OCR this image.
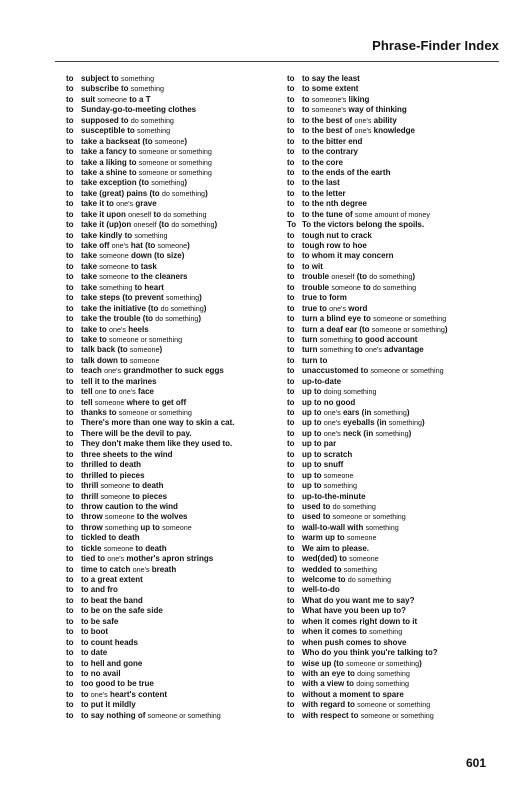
Phrase-Finder Index
to subject to something
to subscribe to something
to suit someone to a T
to Sunday-go-to-meeting clothes
to supposed to do something
to susceptible to something
to take a backseat (to someone)
to take a fancy to someone or something
to take a liking to someone or something
to take a shine to someone or something
to take exception (to something)
to take (great) pains (to do something)
to take it to one's grave
to take it upon oneself to do something
to take it (up)on oneself (to do something)
to take kindly to something
to take off one's hat (to someone)
to take someone down (to size)
to take someone to task
to take someone to the cleaners
to take something to heart
to take steps (to prevent something)
to take the initiative (to do something)
to take the trouble (to do something)
to take to one's heels
to take to someone or something
to talk back (to someone)
to talk down to someone
to teach one's grandmother to suck eggs
to tell it to the marines
to tell one to one's face
to tell someone where to get off
to thanks to someone or something
to There's more than one way to skin a cat.
to There will be the devil to pay.
to They don't make them like they used to.
to three sheets to the wind
to thrilled to death
to thrilled to pieces
to thrill someone to death
to thrill someone to pieces
to throw caution to the wind
to throw someone to the wolves
to throw something up to someone
to tickled to death
to tickle someone to death
to tied to one's mother's apron strings
to time to catch one's breath
to to a great extent
to to and fro
to to beat the band
to to be on the safe side
to to be safe
to to boot
to to count heads
to to date
to to hell and gone
to to no avail
to too good to be true
to to one's heart's content
to to put it mildly
to to say nothing of someone or something
to to say the least
to to some extent
to to someone's liking
to to someone's way of thinking
to to the best of one's ability
to to the best of one's knowledge
to to the bitter end
to to the contrary
to to the core
to to the ends of the earth
to to the last
to to the letter
to to the nth degree
to to the tune of some amount of money
To To the victors belong the spoils.
to tough nut to crack
to tough row to hoe
to to whom it may concern
to to wit
to trouble oneself (to do something)
to trouble someone to do something
to true to form
to true to one's word
to turn a blind eye to someone or something
to turn a deaf ear (to someone or something)
to turn something to good account
to turn something to one's advantage
to turn to
to unaccustomed to someone or something
to up-to-date
to up to doing something
to up to no good
to up to one's ears (in something)
to up to one's eyeballs (in something)
to up to one's neck (in something)
to up to par
to up to scratch
to up to snuff
to up to someone
to up to something
to up-to-the-minute
to used to do something
to used to someone or something
to wall-to-wall with something
to warm up to someone
to We aim to please.
to wed(ded) to someone
to wedded to something
to welcome to do something
to well-to-do
to What do you want me to say?
to What have you been up to?
to when it comes right down to it
to when it comes to something
to when push comes to shove
to Who do you think you're talking to?
to wise up (to someone or something)
to with an eye to doing something
to with a view to doing something
to without a moment to spare
to with regard to someone or something
to with respect to someone or something
601
